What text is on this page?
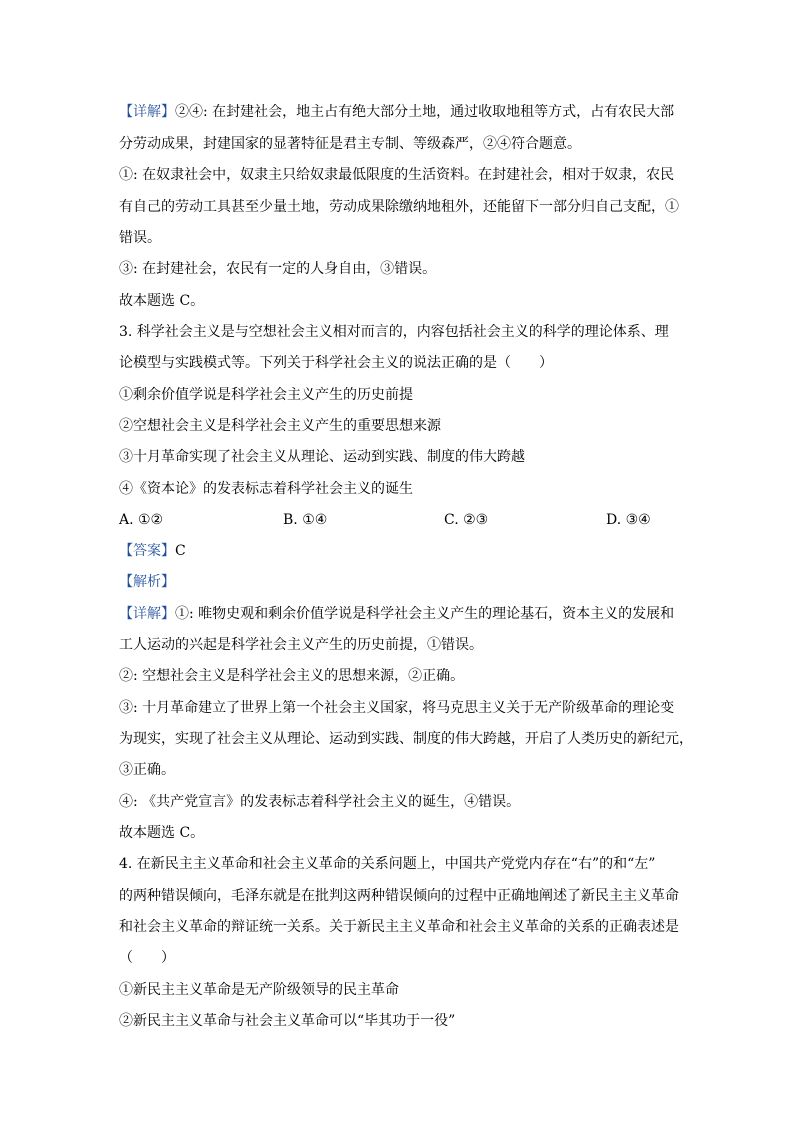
【详解】②④: 在封建社会，地主占有绝大部分土地，通过收取地租等方式，占有农民大部
分劳动成果，封建国家的显著特征是君主专制、等级森严，②④符合题意。
①: 在奴隶社会中，奴隶主只给奴隶最低限度的生活资料。在封建社会，相对于奴隶，农民
有自己的劳动工具甚至少量土地，劳动成果除缴纳地租外，还能留下一部分归自己支配，①
错误。
③: 在封建社会，农民有一定的人身自由，③错误。
故本题选 C。
3. 科学社会主义是与空想社会主义相对而言的，内容包括社会主义的科学的理论体系、理
论模型与实践模式等。下列关于科学社会主义的说法正确的是（　　）
①剩余价值学说是科学社会主义产生的历史前提
②空想社会主义是科学社会主义产生的重要思想来源
③十月革命实现了社会主义从理论、运动到实践、制度的伟大跨越
④《资本论》的发表标志着科学社会主义的诞生
A. ①②	B. ①④	C. ②③	D. ③④
【答案】C
【解析】
【详解】①: 唯物史观和剩余价值学说是科学社会主义产生的理论基石，资本主义的发展和
工人运动的兴起是科学社会主义产生的历史前提，①错误。
②: 空想社会主义是科学社会主义的思想来源，②正确。
③: 十月革命建立了世界上第一个社会主义国家，将马克思主义关于无产阶级革命的理论变
为现实，实现了社会主义从理论、运动到实践、制度的伟大跨越，开启了人类历史的新纪元，
③正确。
④: 《共产党宣言》的发表标志着科学社会主义的诞生，④错误。
故本题选 C。
4. 在新民主主义革命和社会主义革命的关系问题上，中国共产党党内存在“右”的和“左”
的两种错误倾向，毛泽东就是在批判这两种错误倾向的过程中正确地阐述了新民主主义革命
和社会主义革命的辩证统一关系。关于新民主主义革命和社会主义革命的关系的正确表述是
（　　）
①新民主主义革命是无产阶级领导的民主革命
②新民主主义革命与社会主义革命可以“毕其功于一役”
